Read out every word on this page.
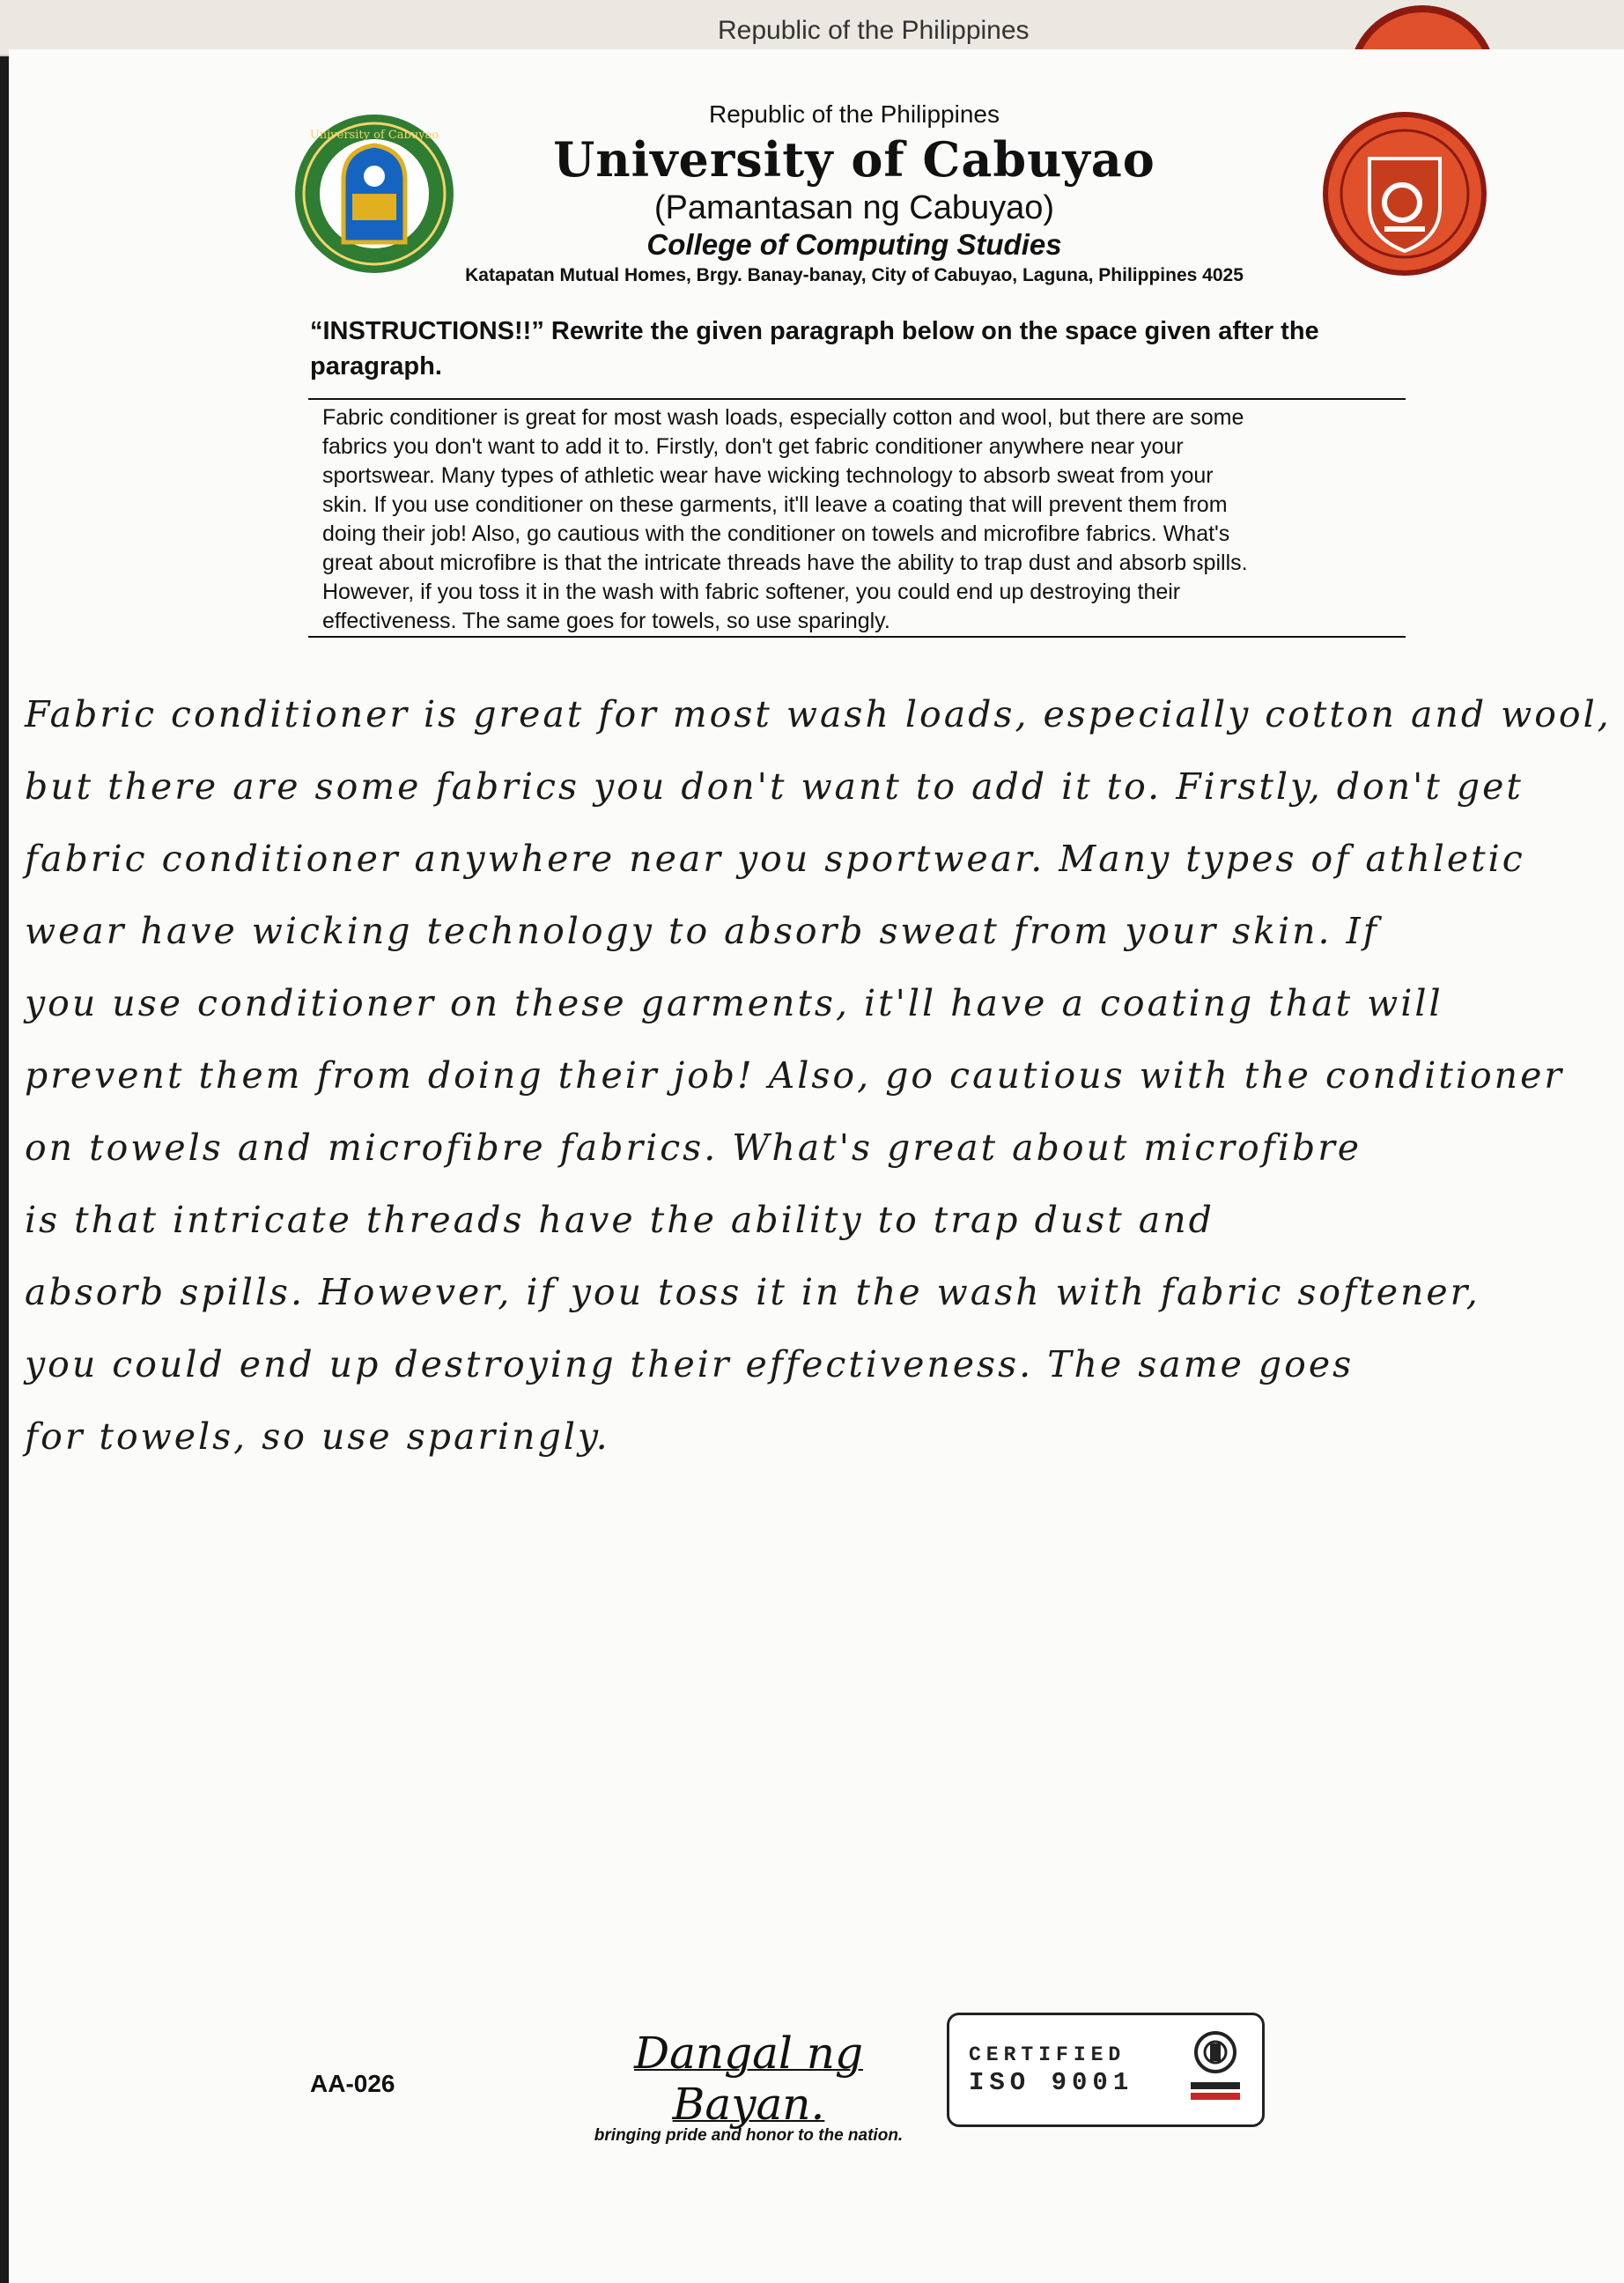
Republic of the Philippines
University of Cabuyao
Republic of the Philippines
University of Cabuyao
(Pamantasan ng Cabuyao)
College of Computing Studies
Katapatan Mutual Homes, Brgy. Banay-banay, City of Cabuyao, Laguna, Philippines 4025
“INSTRUCTIONS!!” Rewrite the given paragraph below on the space given after the paragraph.
Fabric conditioner is great for most wash loads, especially cotton and wool, but there are some
fabrics you don't want to add it to. Firstly, don't get fabric conditioner anywhere near your
sportswear. Many types of athletic wear have wicking technology to absorb sweat from your
skin. If you use conditioner on these garments, it'll leave a coating that will prevent them from
doing their job! Also, go cautious with the conditioner on towels and microfibre fabrics. What's
great about microfibre is that the intricate threads have the ability to trap dust and absorb spills.
However, if you toss it in the wash with fabric softener, you could end up destroying their
effectiveness. The same goes for towels, so use sparingly.
Fabric conditioner is great for most wash loads, especially cotton and wool,
but there are some fabrics you don't want to add it to. Firstly, don't get
fabric conditioner anywhere near you sportwear. Many types of athletic
wear have wicking technology to absorb sweat from your skin. If
you use conditioner on these garments, it'll have a coating that will
prevent them from doing their job! Also, go cautious with the conditioner
on towels and microfibre fabrics. What's great about microfibre
is that intricate threads have the ability to trap dust and
absorb spills. However, if you toss it in the wash with fabric softener,
you could end up destroying their effectiveness. The same goes
for towels, so use sparingly.
AA-026
Dangal ng Bayan.
bringing pride and honor to the nation.
CERTIFIED
ISO 9001
